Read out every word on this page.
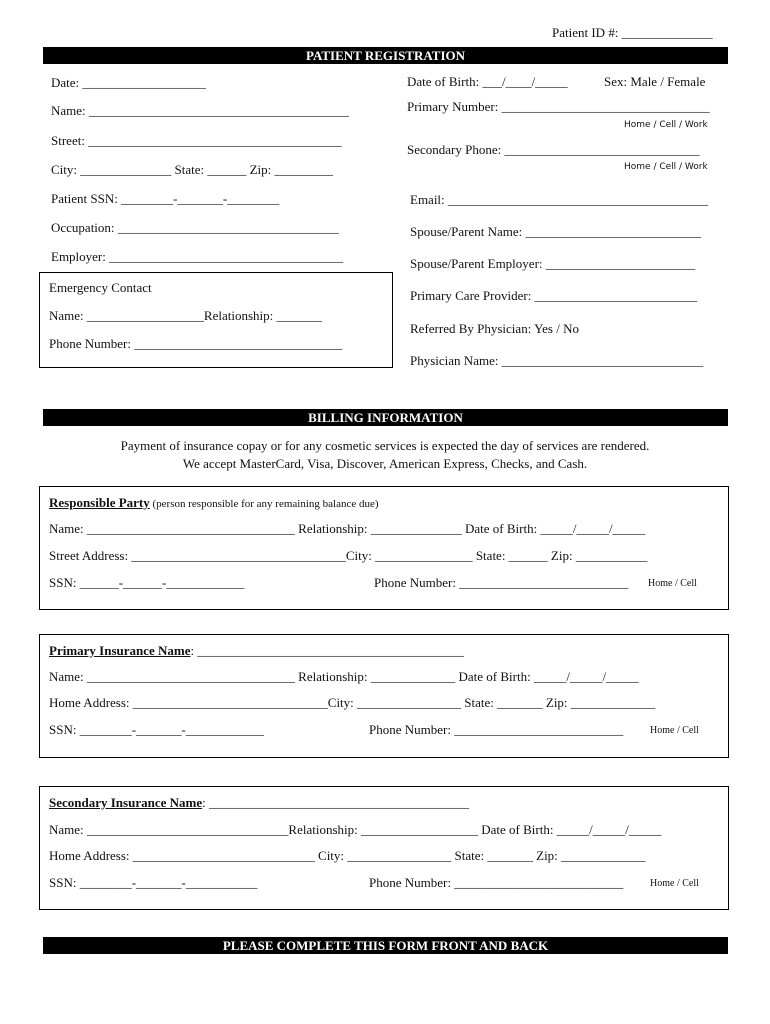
Patient ID #: ______________
PATIENT REGISTRATION
Date: ___________________
Name: ________________________________________
Street: _______________________________________
City: ______________ State: ______ Zip: _________
Patient SSN: ________-_______-________
Occupation: __________________________________
Employer: ____________________________________
Emergency Contact
Name: __________________Relationship: _______
Phone Number: ________________________________
Date of Birth: ___/____/_____	Sex: Male / Female
Primary Number: ________________________________
Home / Cell / Work
Secondary Phone: ______________________________
Home / Cell / Work
Email: ________________________________________
Spouse/Parent Name: ___________________________
Spouse/Parent Employer: _______________________
Primary Care Provider: _________________________
Referred By Physician: Yes / No
Physician Name: _______________________________
BILLING INFORMATION
Payment of insurance copay or for any cosmetic services is expected the day of services are rendered.
We accept MasterCard, Visa, Discover, American Express, Checks, and Cash.
Responsible Party (person responsible for any remaining balance due)
Name: ________________________________ Relationship: ______________ Date of Birth: _____/_____/_____
Street Address: _________________________________City: _______________ State: ______ Zip: ___________
SSN: ______-______-____________	Phone Number: __________________________ Home / Cell
Primary Insurance Name: _________________________________________
Name: ________________________________ Relationship: _____________ Date of Birth: _____/_____/_____
Home Address: ______________________________City: ________________ State: _______ Zip: _____________
SSN: ________-_______-____________	Phone Number: __________________________	Home / Cell
Secondary Insurance Name: ________________________________________
Name: _______________________________Relationship: __________________ Date of Birth: _____/_____/_____
Home Address: ____________________________ City: ________________ State: _______ Zip: _____________
SSN: ________-_______-___________	Phone Number: __________________________	Home / Cell
PLEASE COMPLETE THIS FORM FRONT AND BACK
